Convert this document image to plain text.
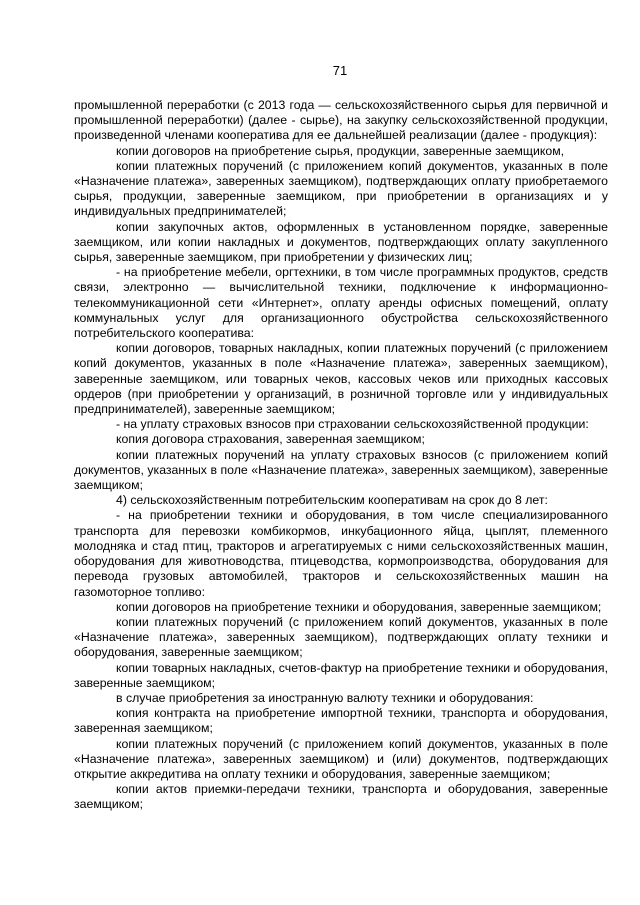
71

промышленной переработки (с 2013 года — сельскохозяйственного сырья для первичной и промышленной переработки) (далее - сырье), на закупку сельскохозяйственной продукции, произведенной членами кооператива для ее дальнейшей реализации (далее - продукция):

копии договоров на приобретение сырья, продукции, заверенные заемщиком,

копии платежных поручений (с приложением копий документов, указанных в поле «Назначение платежа», заверенных заемщиком), подтверждающих оплату приобретаемого сырья, продукции, заверенные заемщиком, при приобретении в организациях и у индивидуальных предпринимателей;

копии закупочных актов, оформленных в установленном порядке, заверенные заемщиком, или копии накладных и документов, подтверждающих оплату закупленного сырья, заверенные заемщиком, при приобретении у физических лиц;

- на приобретение мебели, оргтехники, в том числе программных продуктов, средств связи, электронно — вычислительной техники, подключение к информационно-телекоммуникационной сети «Интернет», оплату аренды офисных помещений, оплату коммунальных услуг для организационного обустройства сельскохозяйственного потребительского кооператива:

копии договоров, товарных накладных, копии платежных поручений (с приложением копий документов, указанных в поле «Назначение платежа», заверенных заемщиком), заверенные заемщиком, или товарных чеков, кассовых чеков или приходных кассовых ордеров (при приобретении у организаций, в розничной торговле или у индивидуальных предпринимателей), заверенные заемщиком;

- на уплату страховых взносов при страховании сельскохозяйственной продукции:

копия договора страхования, заверенная заемщиком;

копии платежных поручений на уплату страховых взносов (с приложением копий документов, указанных в поле «Назначение платежа», заверенных заемщиком), заверенные заемщиком;

4) сельскохозяйственным потребительским кооперативам на срок до 8 лет:

- на приобретении техники и оборудования, в том числе специализированного транспорта для перевозки комбикормов, инкубационного яйца, цыплят, племенного молодняка и стад птиц, тракторов и агрегатируемых с ними сельскохозяйственных машин, оборудования для животноводства, птицеводства, кормопроизводства, оборудования для перевода грузовых автомобилей, тракторов и сельскохозяйственных машин на газомоторное топливо:

копии договоров на приобретение техники и оборудования, заверенные заемщиком;

копии платежных поручений (с приложением копий документов, указанных в поле «Назначение платежа», заверенных заемщиком), подтверждающих оплату техники и оборудования, заверенные заемщиком;

копии товарных накладных, счетов-фактур на приобретение техники и оборудования, заверенные заемщиком;

в случае приобретения за иностранную валюту техники и оборудования:

копия контракта на приобретение импортной техники, транспорта и оборудования, заверенная заемщиком;

копии платежных поручений (с приложением копий документов, указанных в поле «Назначение платежа», заверенных заемщиком) и (или) документов, подтверждающих открытие аккредитива на оплату техники и оборудования, заверенные заемщиком;

копии актов приемки-передачи техники, транспорта и оборудования, заверенные заемщиком;
